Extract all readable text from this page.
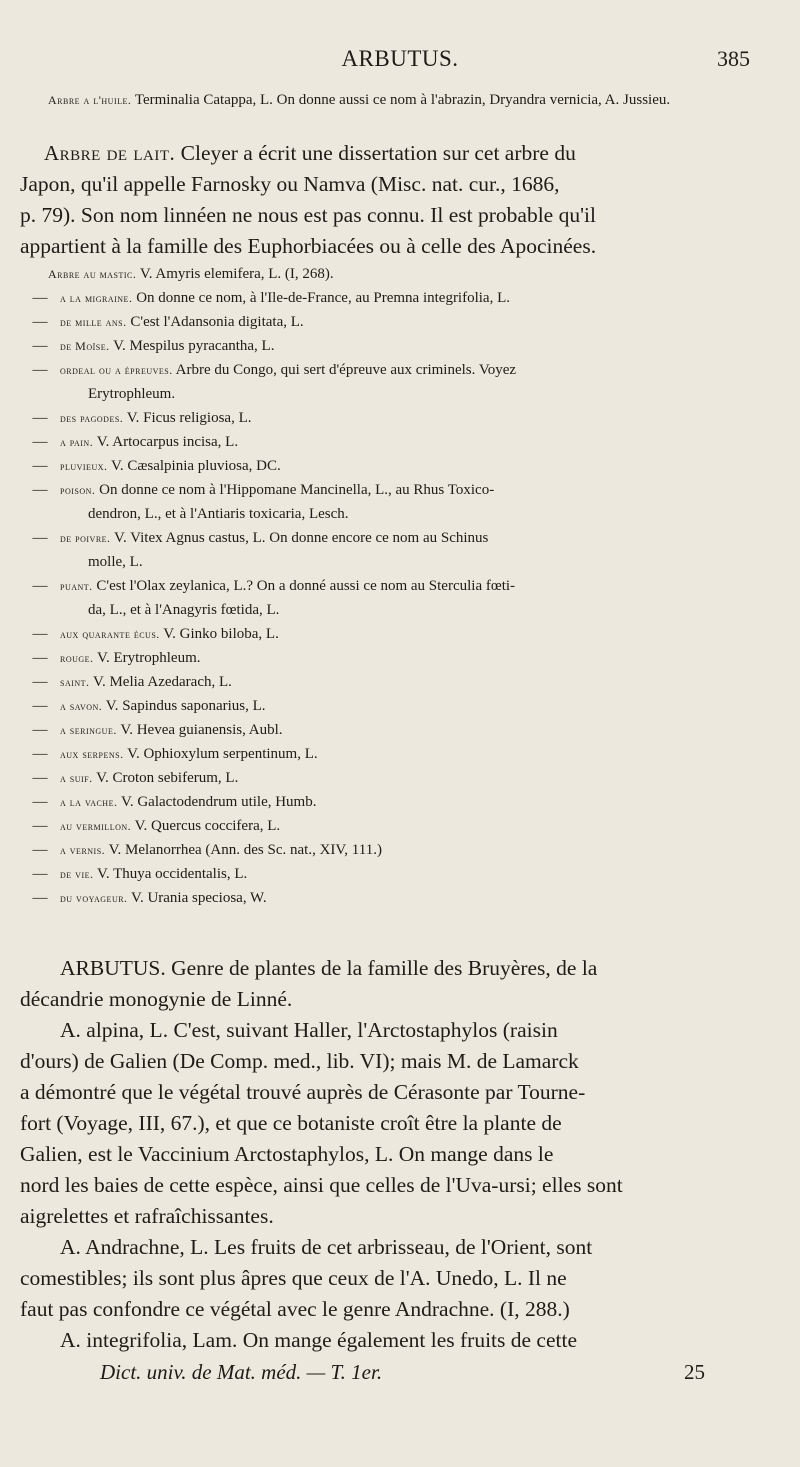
ARBUTUS.	385
Arbre a l'huile. Terminalia Catappa, L. On donne aussi ce nom à l'abrazin, Dryandra vernicia, A. Jussieu.
Arbre de lait. Cleyer a écrit une dissertation sur cet arbre du
Japon, qu'il appelle Farnosky ou Namva (Misc. nat. cur., 1686,
p. 79). Son nom linnéen ne nous est pas connu. Il est probable qu'il
appartient à la famille des Euphorbiacées ou à celle des Apocinées.
Arbre au mastic. V. Amyris elemifera, L. (I, 268).
— a la migraine. On donne ce nom, à l'Ile-de-France, au Premna integrifolia, L.
— de mille ans. C'est l'Adansonia digitata, L.
— de Moïse. V. Mespilus pyracantha, L.
— ordeal ou a épreuves. Arbre du Congo, qui sert d'épreuve aux criminels. Voyez
Erytrophleum.
— des pagodes. V. Ficus religiosa, L.
— a pain. V. Artocarpus incisa, L.
— pluvieux. V. Cæsalpinia pluviosa, DC.
— poison. On donne ce nom à l'Hippomane Mancinella, L., au Rhus Toxico-
dendron, L., et à l'Antiaris toxicaria, Lesch.
— de poivre. V. Vitex Agnus castus, L. On donne encore ce nom au Schinus
molle, L.
— puant. C'est l'Olax zeylanica, L.? On a donné aussi ce nom au Sterculia fœti-
da, L., et à l'Anagyris fœtida, L.
— aux quarante écus. V. Ginko biloba, L.
— rouge. V. Erytrophleum.
— saint. V. Melia Azedarach, L.
— a savon. V. Sapindus saponarius, L.
— a seringue. V. Hevea guianensis, Aubl.
— aux serpens. V. Ophioxylum serpentinum, L.
— a suif. V. Croton sebiferum, L.
— a la vache. V. Galactodendrum utile, Humb.
— au vermillon. V. Quercus coccifera, L.
— a vernis. V. Melanorrhea (Ann. des Sc. nat., XIV, 111.)
— de vie. V. Thuya occidentalis, L.
— du voyageur. V. Urania speciosa, W.
ARBUTUS. Genre de plantes de la famille des Bruyères, de la
décandrie monogynie de Linné.
A. alpina, L. C'est, suivant Haller, l'Arctostaphylos (raisin
d'ours) de Galien (De Comp. med., lib. VI); mais M. de Lamarck
a démontré que le végétal trouvé auprès de Cérasonte par Tourne-
fort (Voyage, III, 67.), et que ce botaniste croît être la plante de
Galien, est le Vaccinium Arctostaphylos, L. On mange dans le
nord les baies de cette espèce, ainsi que celles de l'Uva-ursi; elles sont
aigrelettes et rafraîchissantes.
A. Andrachne, L. Les fruits de cet arbrisseau, de l'Orient, sont
comestibles; ils sont plus âpres que ceux de l'A. Unedo, L. Il ne
faut pas confondre ce végétal avec le genre Andrachne. (I, 288.)
A. integrifolia, Lam. On mange également les fruits de cette
Dict. univ. de Mat. méd. — T. 1er.	25
